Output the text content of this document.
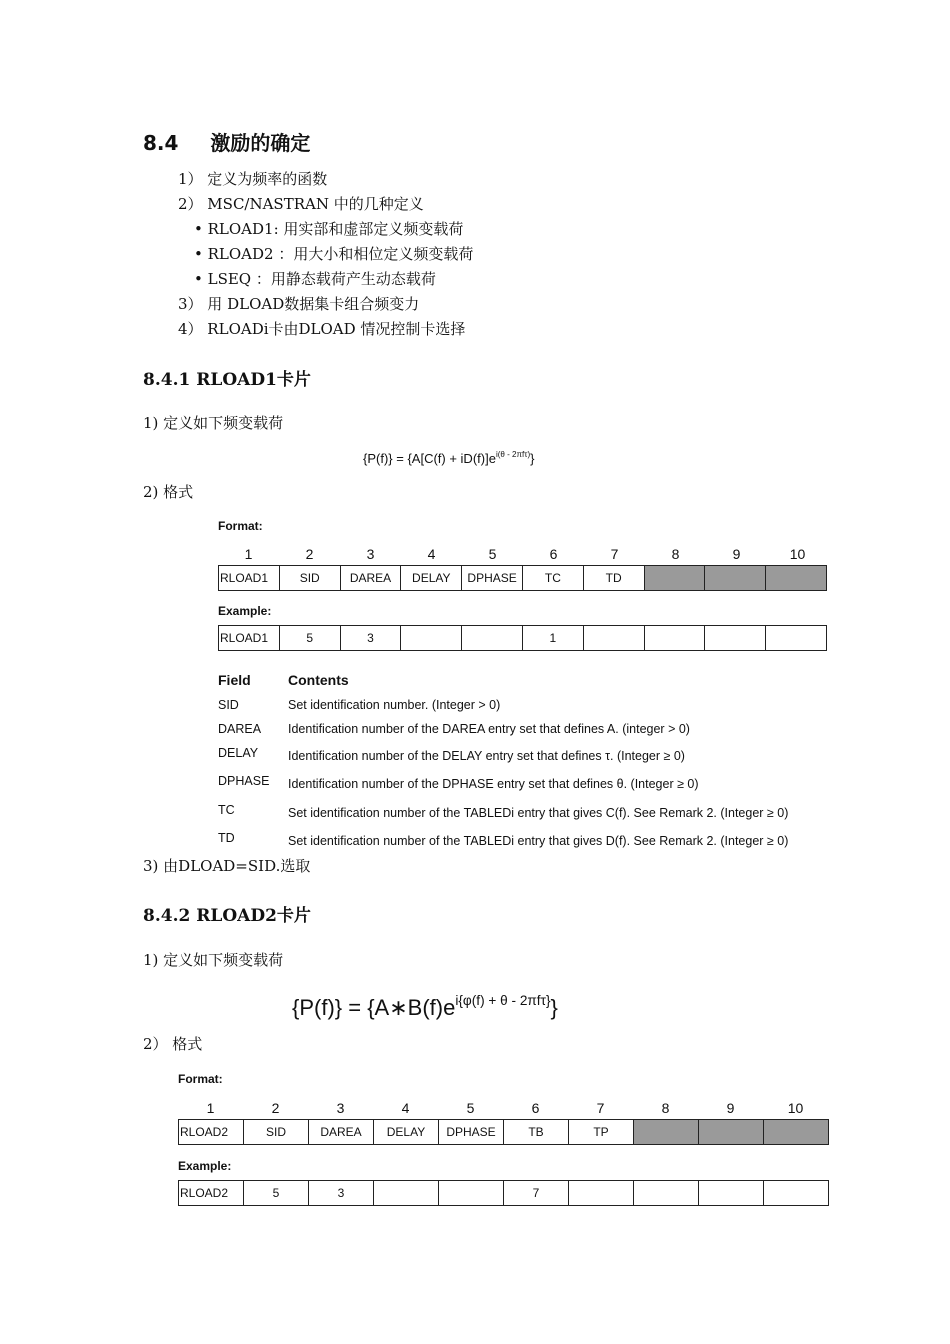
8.4 激励的确定
1） 定义为频率的函数
2） MSC/NASTRAN 中的几种定义
• RLOAD1: 用实部和虚部定义频变载荷
• RLOAD2 ：用大小和相位定义频变载荷
• LSEQ ：用静态载荷产生动态载荷
3） 用 DLOAD数据集卡组合频变力
4） RLOADi卡由DLOAD 情况控制卡选择
8.4.1 RLOAD1卡片
1) 定义如下频变载荷
$\{P(f)\} = \{A[C(f) + iD(f)]e^{i(\theta - 2\pi f\tau)}\}$
2) 格式
Format:
1	2	3	4	5	6	7	8	9	10
RLOAD1	SID	DAREA	DELAY	DPHASE	TC	TD			
Example:
RLOAD1	5	3			1				
Field	Contents
SID	Set identification number. (Integer > 0)
DAREA Identification number of the DAREA entry set that defines A. (integer > 0)
DELAY Identification number of the DELAY entry set that defines τ. (Integer ≥ 0)
DPHASE Identification number of the DPHASE entry set that defines θ. (Integer ≥ 0)
TC	Set identification number of the TABLEDi entry that gives C(f). See Remark 2. (Integer ≥ 0)
TD	Set identification number of the TABLEDi entry that gives D(f). See Remark 2. (Integer ≥ 0)
3) 由DLOAD=SID.选取
8.4.2 RLOAD2卡片
1) 定义如下频变载荷
$\{P(f)\} = \{A∗B(f)e^{i\{\varphi(f) + \theta - 2\pi f\tau\}}\}$
2） 格式
Format:
1	2	3	4	5	6	7	8	9	10
RLOAD2	SID	DAREA	DELAY	DPHASE	TB	TP			
Example:
RLOAD2	5	3			7				
